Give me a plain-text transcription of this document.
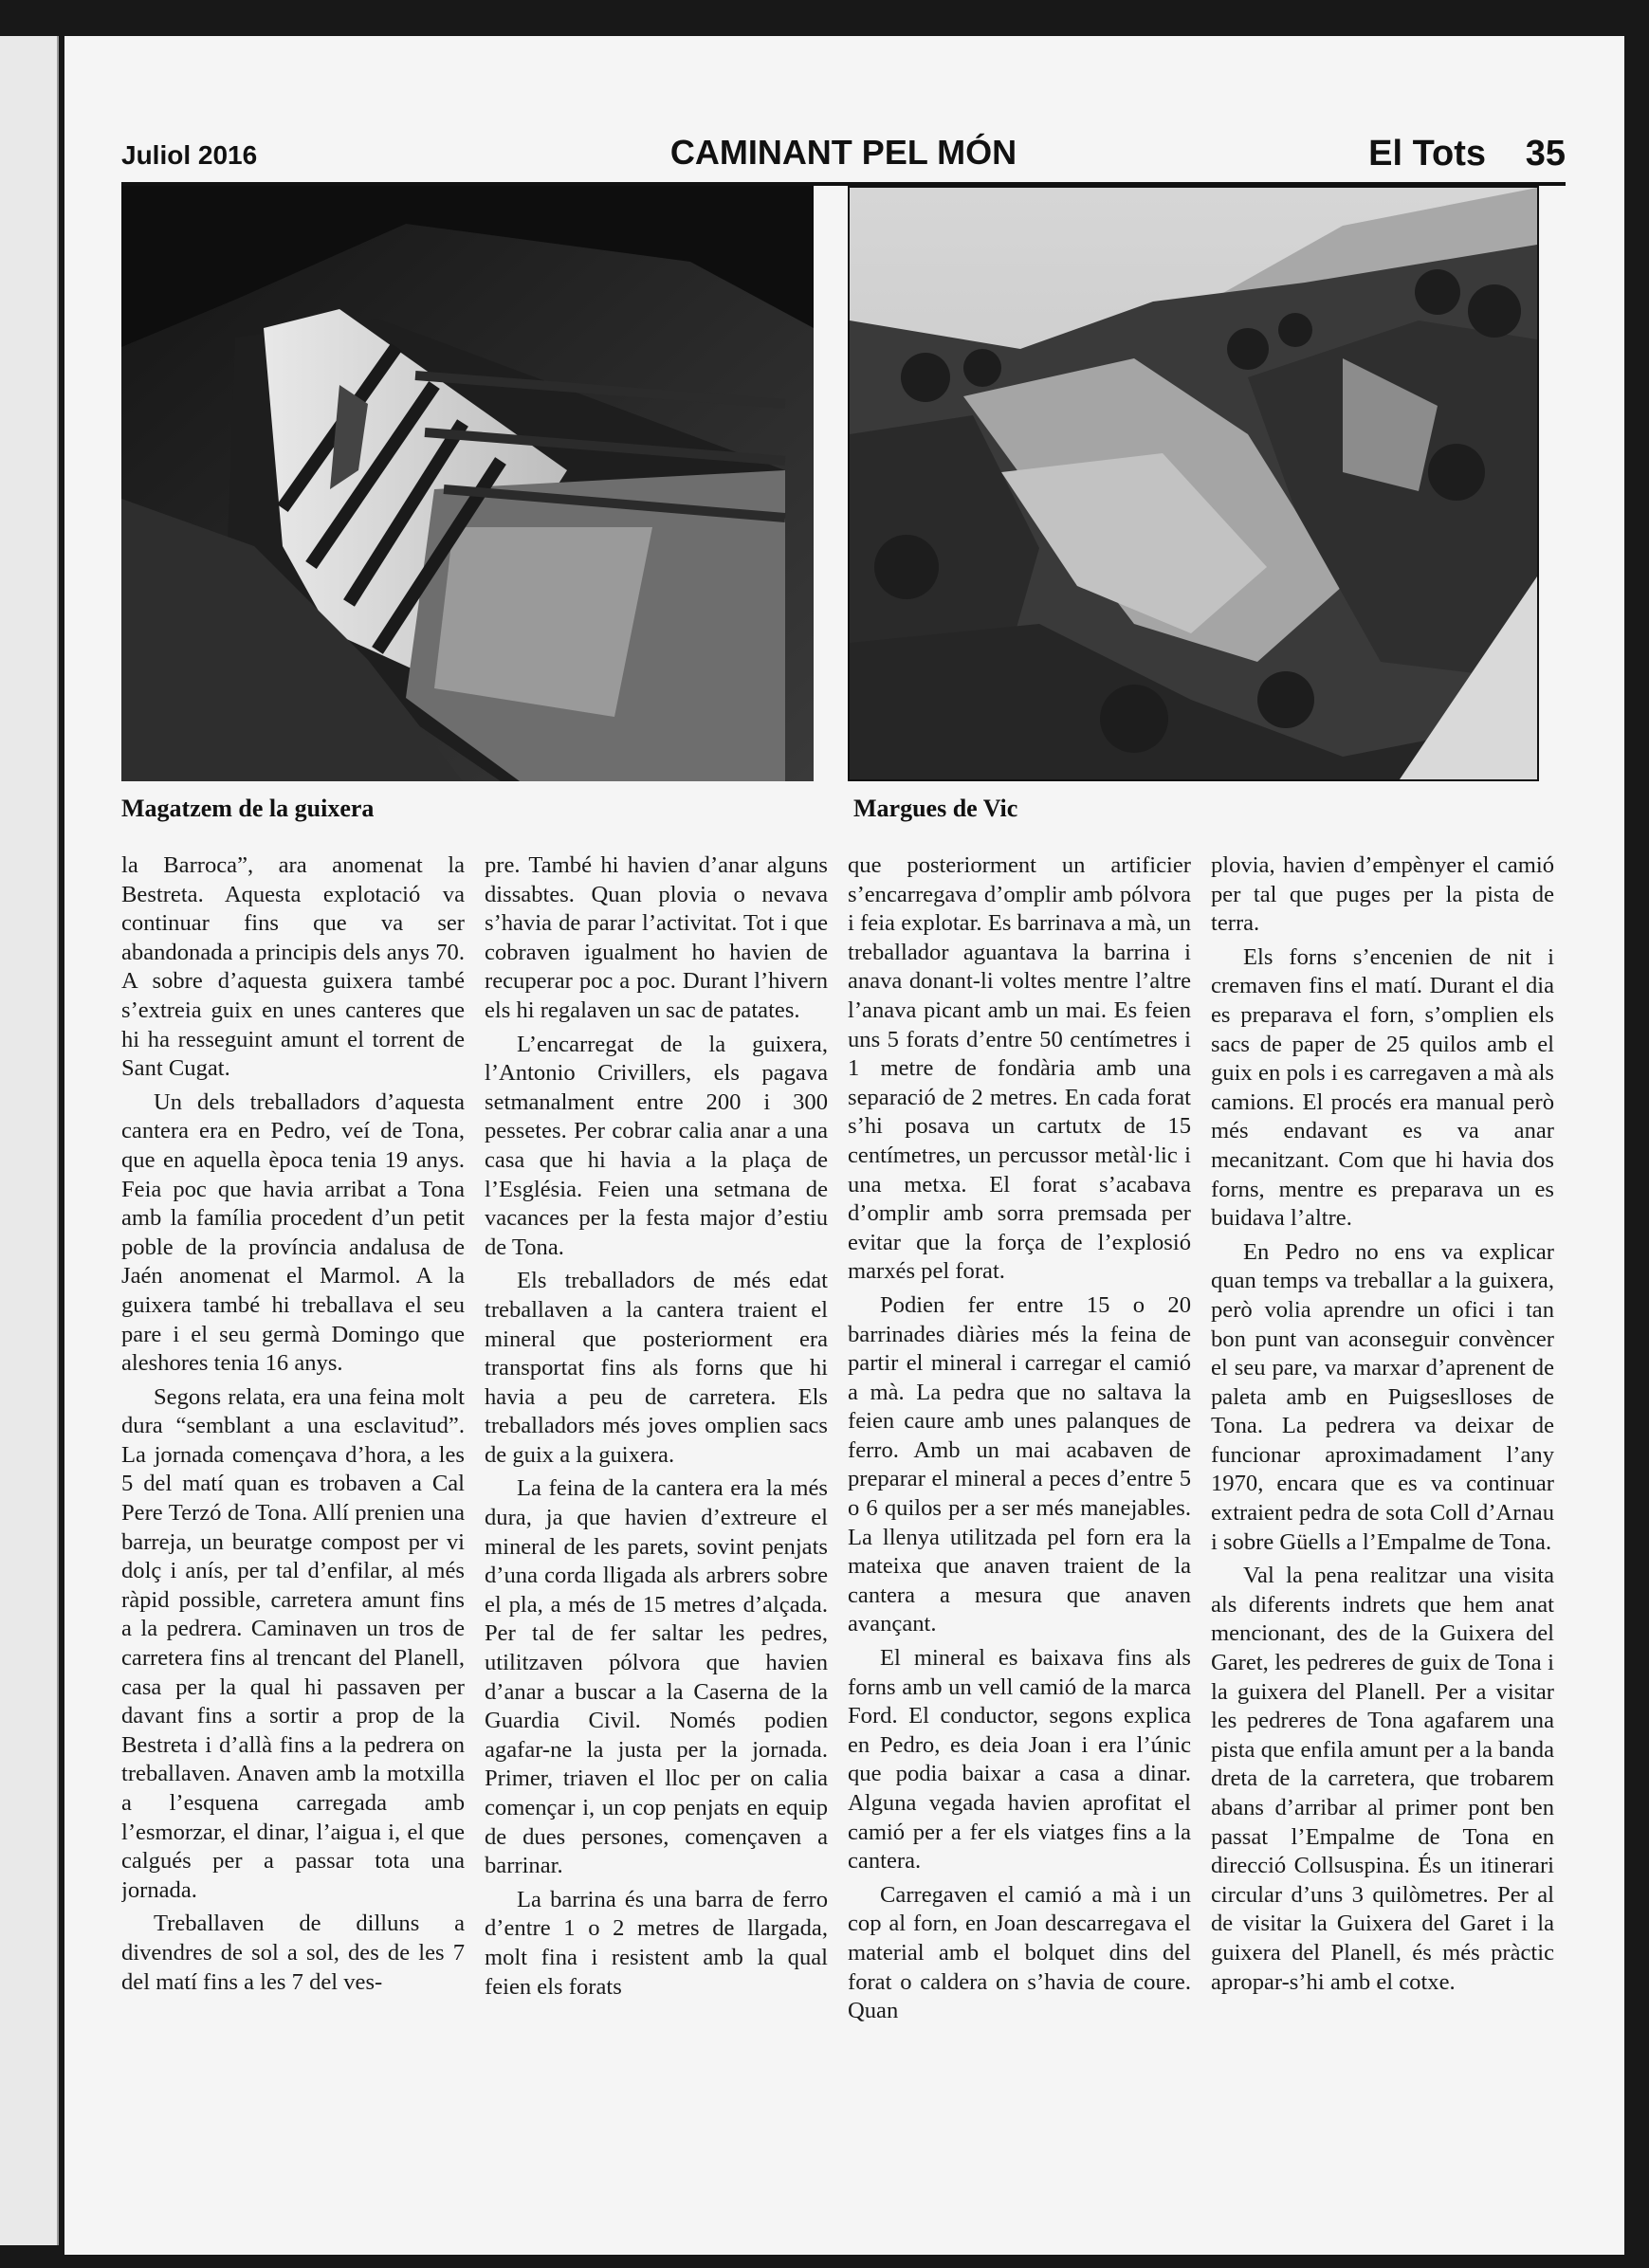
Juliol 2016	CAMINANT PEL MÓN	El Tots 35
Magatzem de la guixera	Margues de Vic

la Barroca”, ara anomenat la Bestreta. Aquesta explotació va continuar fins que va ser abandonada a principis dels anys 70. A sobre d’aquesta guixera també s’extreia guix en unes canteres que hi ha resseguint amunt el torrent de Sant Cugat.

Un dels treballadors d’aquesta cantera era en Pedro, veí de Tona, que en aquella època tenia 19 anys. Feia poc que havia arribat a Tona amb la família procedent d’un petit poble de la província andalusa de Jaén anomenat el Marmol. A la guixera també hi treballava el seu pare i el seu germà Domingo que aleshores tenia 16 anys.

Segons relata, era una feina molt dura “semblant a una esclavitud”. La jornada començava d’hora, a les 5 del matí quan es trobaven a Cal Pere Terzó de Tona. Allí prenien una barreja, un beuratge compost per vi dolç i anís, per tal d’enfilar, al més ràpid possible, carretera amunt fins a la pedrera. Caminaven un tros de carretera fins al trencant del Planell, casa per la qual hi passaven per davant fins a sortir a prop de la Bestreta i d’allà fins a la pedrera on treballaven. Anaven amb la motxilla a l’esquena carregada amb l’esmorzar, el dinar, l’aigua i, el que calgués per a passar tota una jornada.

Treballaven de dilluns a divendres de sol a sol, des de les 7 del matí fins a les 7 del ves-

pre. També hi havien d’anar alguns dissabtes. Quan plovia o nevava s’havia de parar l’activitat. Tot i que cobraven igualment ho havien de recuperar poc a poc. Durant l’hivern els hi regalaven un sac de patates.

L’encarregat de la guixera, l’Antonio Crivillers, els pagava setmanalment entre 200 i 300 pessetes. Per cobrar calia anar a una casa que hi havia a la plaça de l’Església. Feien una setmana de vacances per la festa major d’estiu de Tona.

Els treballadors de més edat treballaven a la cantera traient el mineral que posteriorment era transportat fins als forns que hi havia a peu de carretera. Els treballadors més joves omplien sacs de guix a la guixera.

La feina de la cantera era la més dura, ja que havien d’extreure el mineral de les parets, sovint penjats d’una corda lligada als arbrers sobre el pla, a més de 15 metres d’alçada. Per tal de fer saltar les pedres, utilitzaven pólvora que havien d’anar a buscar a la Caserna de la Guardia Civil. Només podien agafar-ne la justa per la jornada. Primer, triaven el lloc per on calia començar i, un cop penjats en equip de dues persones, començaven a barrinar.

La barrina és una barra de ferro d’entre 1 o 2 metres de llargada, molt fina i resistent amb la qual feien els forats

que posteriorment un artificier s’encarregava d’omplir amb pólvora i feia explotar. Es barrinava a mà, un treballador aguantava la barrina i anava donant-li voltes mentre l’altre l’anava picant amb un mai. Es feien uns 5 forats d’entre 50 centímetres i 1 metre de fondària amb una separació de 2 metres. En cada forat s’hi posava un cartutx de 15 centímetres, un percussor metàl·lic i una metxa. El forat s’acabava d’omplir amb sorra premsada per evitar que la força de l’explosió marxés pel forat.

Podien fer entre 15 o 20 barrinades diàries més la feina de partir el mineral i carregar el camió a mà. La pedra que no saltava la feien caure amb unes palanques de ferro. Amb un mai acabaven de preparar el mineral a peces d’entre 5 o 6 quilos per a ser més manejables. La llenya utilitzada pel forn era la mateixa que anaven traient de la cantera a mesura que anaven avançant.

El mineral es baixava fins als forns amb un vell camió de la marca Ford. El conductor, segons explica en Pedro, es deia Joan i era l’únic que podia baixar a casa a dinar. Alguna vegada havien aprofitat el camió per a fer els viatges fins a la cantera.

Carregaven el camió a mà i un cop al forn, en Joan descarregava el material amb el bolquet dins del forat o caldera on s’havia de coure. Quan

plovia, havien d’empènyer el camió per tal que puges per la pista de terra.

Els forns s’encenien de nit i cremaven fins el matí. Durant el dia es preparava el forn, s’omplien els sacs de paper de 25 quilos amb el guix en pols i es carregaven a mà als camions. El procés era manual però més endavant es va anar mecanitzant. Com que hi havia dos forns, mentre es preparava un es buidava l’altre.

En Pedro no ens va explicar quan temps va treballar a la guixera, però volia aprendre un ofici i tan bon punt van aconseguir convèncer el seu pare, va marxar d’aprenent de paleta amb en Puigseslloses de Tona. La pedrera va deixar de funcionar aproximadament l’any 1970, encara que es va continuar extraient pedra de sota Coll d’Arnau i sobre Güells a l’Empalme de Tona.

Val la pena realitzar una visita als diferents indrets que hem anat mencionant, des de la Guixera del Garet, les pedreres de guix de Tona i la guixera del Planell. Per a visitar les pedreres de Tona agafarem una pista que enfila amunt per a la banda dreta de la carretera, que trobarem abans d’arribar al primer pont ben passat l’Empalme de Tona en direcció Collsuspina. És un itinerari circular d’uns 3 quilòmetres. Per al de visitar la Guixera del Garet i la guixera del Planell, és més pràctic apropar-s’hi amb el cotxe.
